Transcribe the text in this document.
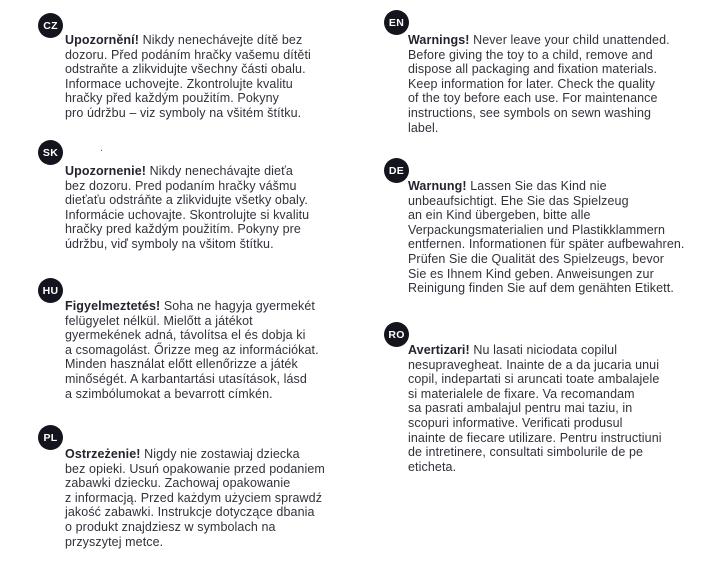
CZ
Upozornění! Nikdy nenechávejte dítě bez
dozoru. Před podáním hračky vašemu dítěti
odstraňte a zlikvidujte všechny části obalu.
Informace uchovejte. Zkontrolujte kvalitu
hračky před každým použitím. Pokyny
pro údržbu – viz symboly na všitém štítku.
SK	.
Upozornenie! Nikdy nenechávajte dieťa
bez dozoru. Pred podaním hračky vášmu
dieťaťu odstráňte a zlikvidujte všetky obaly.
Informácie uchovajte. Skontrolujte si kvalitu
hračky pred každým použitím. Pokyny pre
údržbu, viď symboly na všitom štítku.
HU
Figyelmeztetés! Soha ne hagyja gyermekét
felügyelet nélkül. Mielőtt a játékot
gyermekének adná, távolítsa el és dobja ki
a csomagolást. Őrizze meg az információkat.
Minden használat előtt ellenőrizze a játék
minőségét. A karbantartási utasítások, lásd
a szimbólumokat a bevarrott címkén.
PL
Ostrzeżenie! Nigdy nie zostawiaj dziecka
bez opieki. Usuń opakowanie przed podaniem
zabawki dziecku. Zachowaj opakowanie
z informacją. Przed każdym użyciem sprawdź
jakość zabawki. Instrukcje dotyczące dbania
o produkt znajdziesz w symbolach na
przyszytej metce.
EN
Warnings! Never leave your child unattended.
Before giving the toy to a child, remove and
dispose all packaging and fixation materials.
Keep information for later. Check the quality
of the toy before each use. For maintenance
instructions, see symbols on sewn washing
label.
DE
Warnung! Lassen Sie das Kind nie
unbeaufsichtigt. Ehe Sie das Spielzeug
an ein Kind übergeben, bitte alle
Verpackungsmaterialien und Plastikklammern
entfernen. Informationen für später aufbewahren.
Prüfen Sie die Qualität des Spielzeugs, bevor
Sie es Ihnem Kind geben. Anweisungen zur
Reinigung finden Sie auf dem genähten Etikett.
RO
Avertizari! Nu lasati niciodata copilul
nesupravegheat. Inainte de a da jucaria unui
copil, indepartati si aruncati toate ambalajele
si materialele de fixare. Va recomandam
sa pasrati ambalajul pentru mai taziu, in
scopuri informative. Verificati produsul
inainte de fiecare utilizare. Pentru instructiuni
de intretinere, consultati simbolurile de pe
eticheta.
